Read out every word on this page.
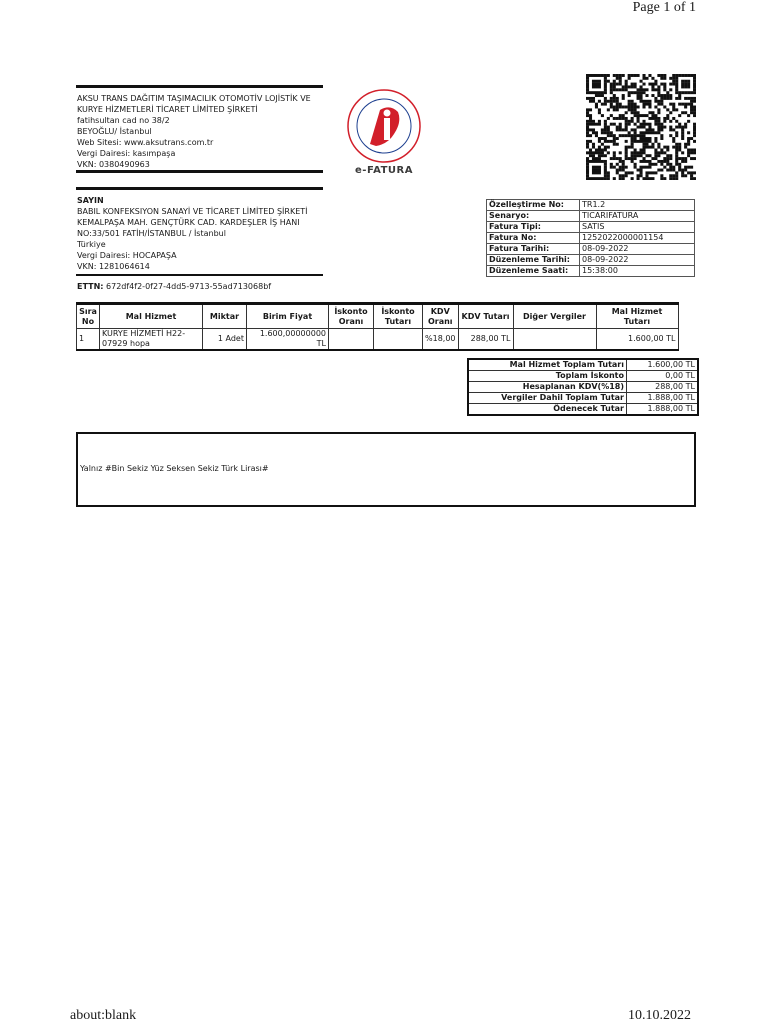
Page 1 of 1
about:blank	10.10.2022
AKSU TRANS DAĞITIM TAŞIMACILIK OTOMOTİV LOJİSTİK VE
KURYE HİZMETLERİ TİCARET LİMİTED ŞİRKETİ
fatihsultan cad no 38/2
BEYOĞLU/ İstanbul
Web Sitesi: www.aksutrans.com.tr
Vergi Dairesi: kasımpaşa
VKN: 0380490963
SAYIN
BABIL KONFEKSIYON SANAYİ VE TİCARET LİMİTED ŞİRKETİ
KEMALPAŞA MAH. GENÇTÜRK CAD. KARDEŞLER İŞ HANI
NO:33/501 FATİH/İSTANBUL / İstanbul
Türkiye
Vergi Dairesi: HOCAPAŞA
VKN: 1281064614
e-FATURA
Özelleştirme No:	TR1.2
Senaryo:	TICARIFATURA
Fatura Tipi:	SATIS
Fatura No:	1252022000001154
Fatura Tarihi:	08-09-2022
Düzenleme Tarihi:	08-09-2022
Düzenleme Saati:	15:38:00
ETTN: 672df4f2-0f27-4dd5-9713-55ad713068bf
Sıra No	Mal Hizmet	Miktar	Birim Fiyat	İskonto Oranı	İskonto Tutarı	KDV Oranı	KDV Tutarı	Diğer Vergiler	Mal Hizmet Tutarı
1	KURYE HİZMETİ H22-07929 hopa	1 Adet	1.600,00000000 TL			%18,00	288,00 TL		1.600,00 TL
Mal Hizmet Toplam Tutarı	1.600,00 TL
Toplam İskonto	0,00 TL
Hesaplanan KDV(%18)	288,00 TL
Vergiler Dahil Toplam Tutar	1.888,00 TL
Ödenecek Tutar	1.888,00 TL
Yalnız #Bin Sekiz Yüz Seksen Sekiz Türk Lirası#
